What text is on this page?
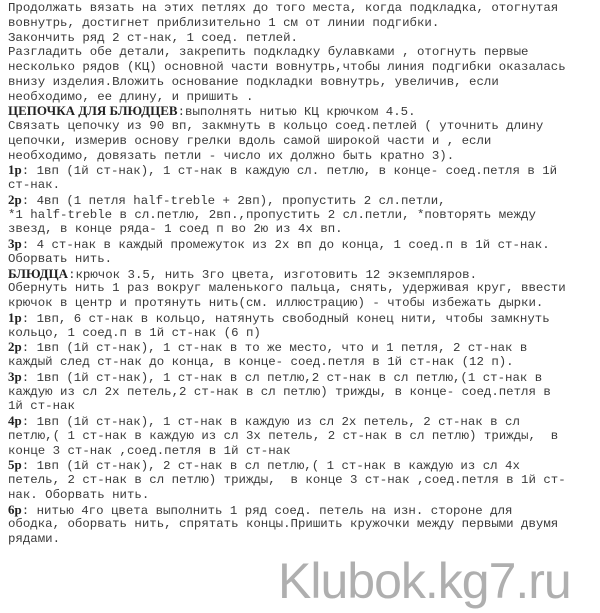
Продолжать вязать на этих петлях до того места, когда подкладка, отогнутая
вовнутрь, достигнет приблизительно 1 см от линии подгибки.
Закончить ряд 2 ст-нак, 1 соед. петлей.
Разгладить обе детали, закрепить подкладку булавками , отогнуть первые
несколько рядов (КЦ) основной части вовнутрь,чтобы линия подгибки оказалась
внизу изделия.Вложить основание подкладки вовнутрь, увеличив, если
необходимо, ее длину, и пришить .
ЦЕПОЧКА ДЛЯ БЛЮДЦЕВ:выполнять нитью КЦ крючком 4.5.
Связать цепочку из 90 вп, закмнуть в кольцо соед.петлей ( уточнить длину
цепочки, измерив основу грелки вдоль самой широкой части и , если
необходимо, довязать петли - число их должно быть кратно 3).
1р: 1вп (1й ст-нак), 1 ст-нак в каждую сл. петлю, в конце- соед.петля в 1й
ст-нак.
2р: 4вп (1 петля half-treble + 2вп), пропустить 2 сл.петли,
*1 half-treble в сл.петлю, 2вп.,пропустить 2 сл.петли, *повторять между
звезд, в конце ряда- 1 соед п во 2ю из 4х вп.
3р: 4 ст-нак в каждый промежуток из 2х вп до конца, 1 соед.п в 1й ст-нак.
Оборвать нить.
БЛЮДЦА:крючок 3.5, нить 3го цвета, изготовить 12 экземпляров.
Обернуть нить 1 раз вокруг маленького пальца, снять, удерживая круг, ввести
крючок в центр и протянуть нить(см. иллюстрацию) - чтобы избежать дырки.
1р: 1вп, 6 ст-нак в кольцо, натянуть свободный конец нити, чтобы замкнуть
кольцо, 1 соед.п в 1й ст-нак (6 п)
2р: 1вп (1й ст-нак), 1 ст-нак в то же место, что и 1 петля, 2 ст-нак в
каждый след ст-нак до конца, в конце- соед.петля в 1й ст-нак (12 п).
3р: 1вп (1й ст-нак), 1 ст-нак в сл петлю,2 ст-нак в сл петлю,(1 ст-нак в
каждую из сл 2х петель,2 ст-нак в сл петлю) трижды, в конце- соед.петля в
1й ст-нак
4р: 1вп (1й ст-нак), 1 ст-нак в каждую из сл 2х петель, 2 ст-нак в сл
петлю,( 1 ст-нак в каждую из сл 3х петель, 2 ст-нак в сл петлю) трижды,  в
конце 3 ст-нак ,соед.петля в 1й ст-нак
5р: 1вп (1й ст-нак), 2 ст-нак в сл петлю,( 1 ст-нак в каждую из сл 4х
петель, 2 ст-нак в сл петлю) трижды,  в конце 3 ст-нак ,соед.петля в 1й ст-
нак. Оборвать нить.
6р: нитью 4го цвета выполнить 1 ряд соед. петель на изн. стороне для
ободка, оборвать нить, спрятать концы.Пришить кружочки между первыми двумя
рядами.
Klubok.kg7.ru
